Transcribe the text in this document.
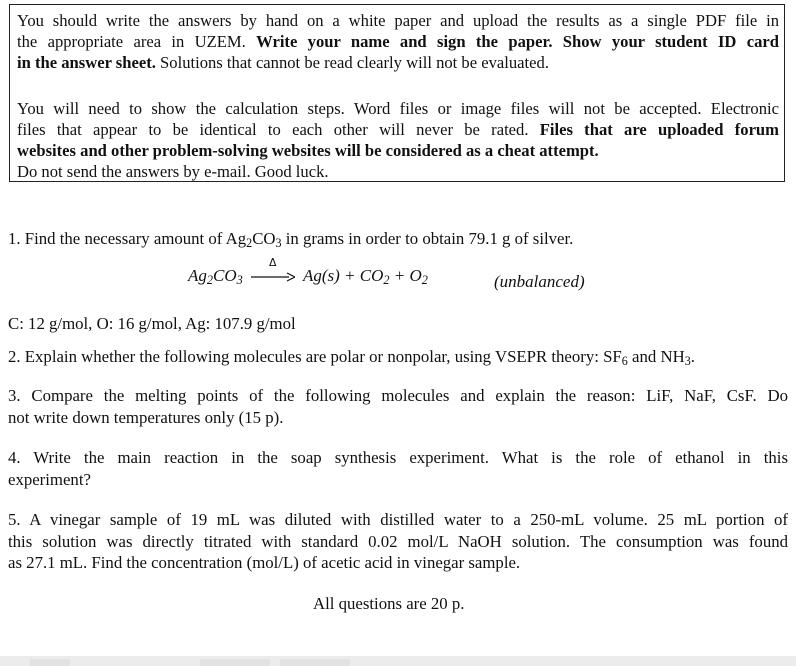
You should write the answers by hand on a white paper and upload the results as a single PDF file in
the appropriate area in UZEM. Write your name and sign the paper. Show your student ID card
in the answer sheet. Solutions that cannot be read clearly will not be evaluated.
You will need to show the calculation steps. Word files or image files will not be accepted. Electronic
files that appear to be identical to each other will never be rated. Files that are uploaded forum
websites and other problem-solving websites will be considered as a cheat attempt.
Do not send the answers by e-mail. Good luck.
1. Find the necessary amount of $Ag_2CO_3$ in grams in order to obtain 79.1 g of silver.
$Ag_2CO_3$
Δ
$Ag(s) + CO_2 + O_2$	(unbalanced)
C: 12 g/mol, O: 16 g/mol, Ag: 107.9 g/mol
2. Explain whether the following molecules are polar or nonpolar, using VSEPR theory: $SF_6$ and $NH_3$.
3. Compare the melting points of the following molecules and explain the reason: LiF, NaF, CsF. Do
not write down temperatures only (15 p).
4. Write the main reaction in the soap synthesis experiment. What is the role of ethanol in this
experiment?
5. A vinegar sample of 19 mL was diluted with distilled water to a 250-mL volume. 25 mL portion of
this solution was directly titrated with standard 0.02 mol/L NaOH solution. The consumption was found
as 27.1 mL. Find the concentration (mol/L) of acetic acid in vinegar sample.
All questions are 20 p.
